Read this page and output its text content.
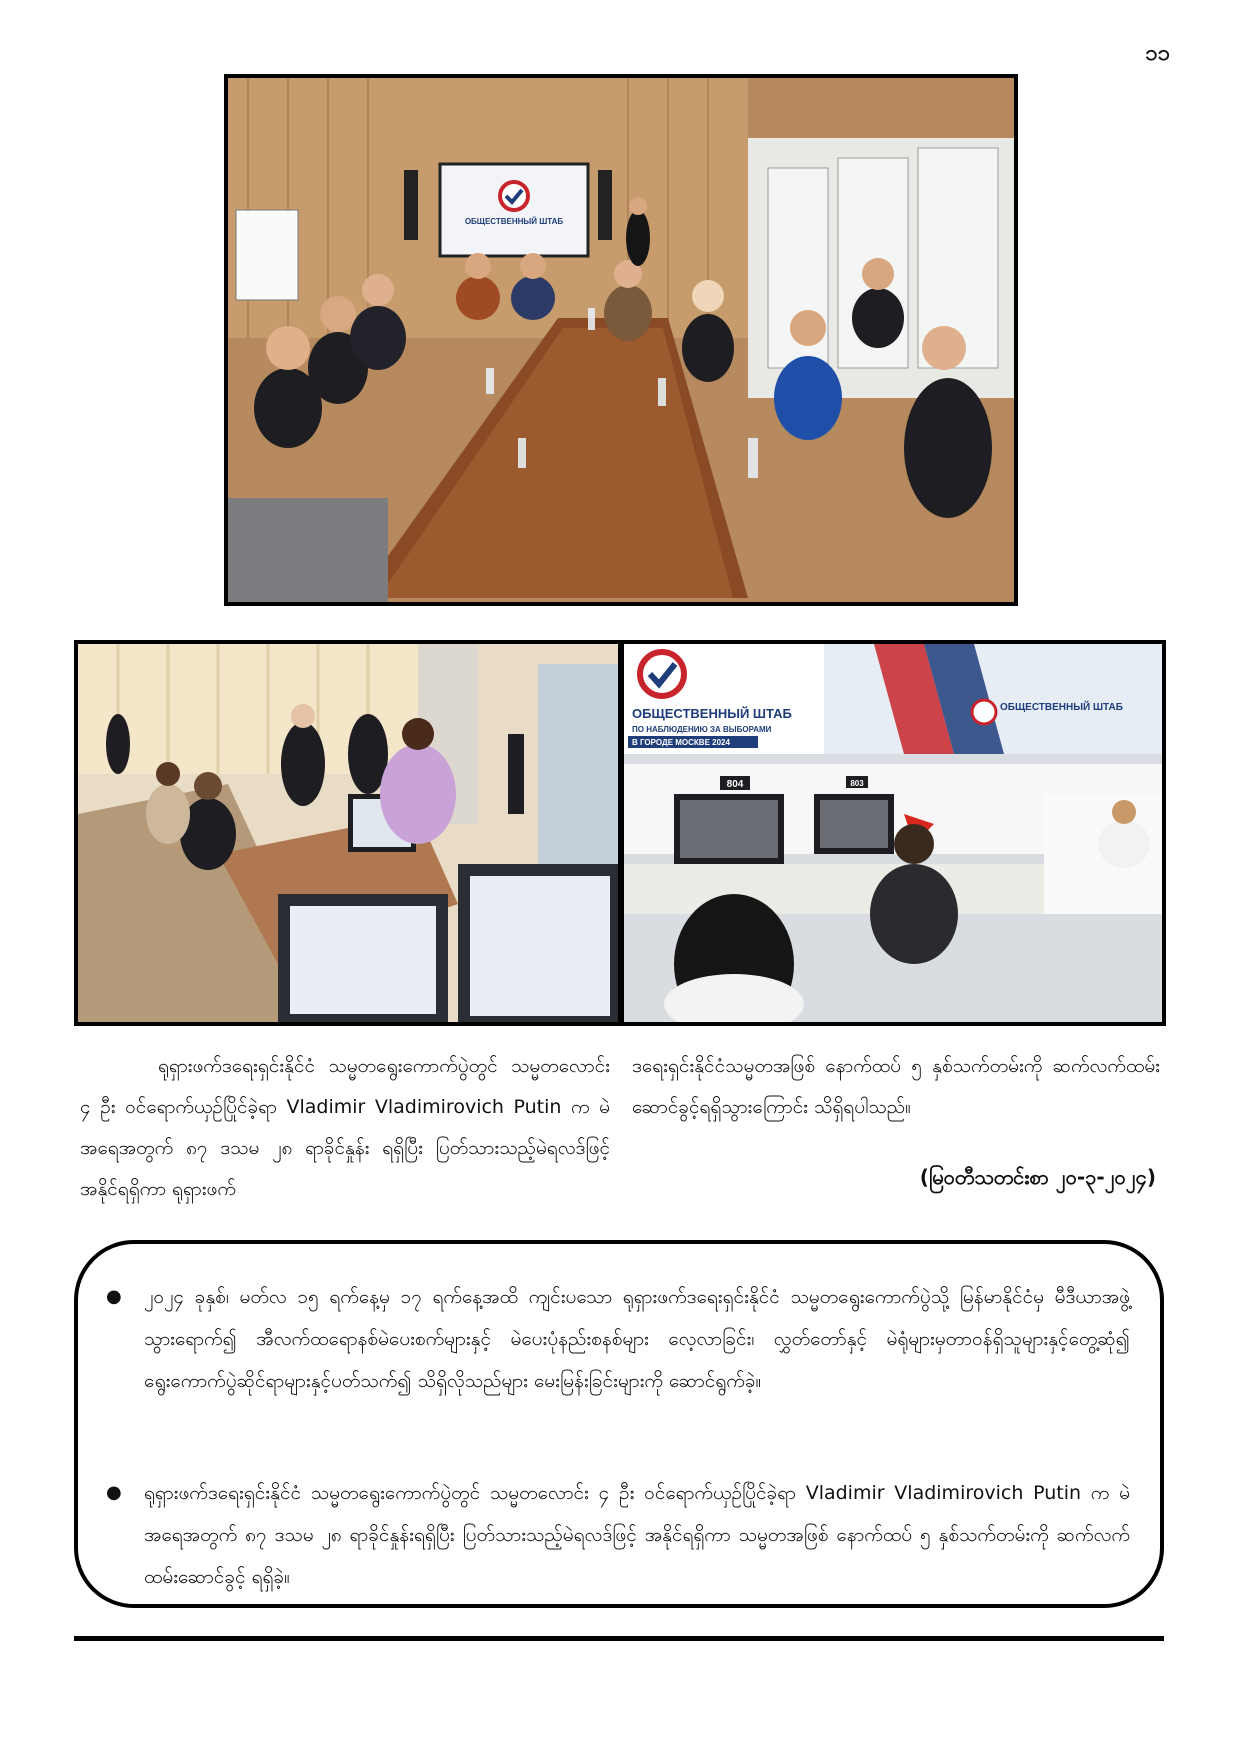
၁၁
ОБЩЕСТВЕННЫЙ ШТАБ
ОБЩЕСТВЕННЫЙ ШТАБ
ПО НАБЛЮДЕНИЮ ЗА ВЫБОРАМИ
В ГОРОДЕ МОСКВЕ 2024
ОБЩЕСТВЕННЫЙ ШТАБ
804	803
ရုရှားဖက်ဒရေးရှင်းနိုင်ငံ သမ္မတရွေးကောက်ပွဲတွင် သမ္မတလောင်း ၄ ဦး ဝင်ရောက်ယှဉ်ပြိုင်ခဲ့ရာ Vladimir Vladimirovich Putin က မဲအရေအတွက် ၈၇ ဒသမ ၂၈ ရာခိုင်နှုန်း ရရှိပြီး ပြတ်သားသည့်မဲရလဒ်ဖြင့် အနိုင်ရရှိကာ ရုရှားဖက်
ဒရေးရှင်းနိုင်ငံသမ္မတအဖြစ် နောက်ထပ် ၅ နှစ်သက်တမ်းကို ဆက်လက်ထမ်းဆောင်ခွင့်ရရှိသွားကြောင်း သိရှိရပါသည်။
(မြဝတီသတင်းစာ ၂၀-၃-၂၀၂၄)
● ၂၀၂၄ ခုနှစ်၊ မတ်လ ၁၅ ရက်နေ့မှ ၁၇ ရက်နေ့အထိ ကျင်းပသော ရုရှားဖက်ဒရေးရှင်းနိုင်ငံ သမ္မတရွေးကောက်ပွဲသို့ မြန်မာနိုင်ငံမှ မီဒီယာအဖွဲ့ သွားရောက်၍ အီလက်ထရောနစ်မဲပေးစက်များနှင့် မဲပေးပုံနည်းစနစ်များ လေ့လာခြင်း၊ လွှတ်တော်နှင့် မဲရုံများမှတာဝန်ရှိသူများနှင့်တွေ့ဆုံ၍ ရွေးကောက်ပွဲဆိုင်ရာများနှင့်ပတ်သက်၍ သိရှိလိုသည်များ မေးမြန်းခြင်းများကို ဆောင်ရွက်ခဲ့။
● ရုရှားဖက်ဒရေးရှင်းနိုင်ငံ သမ္မတရွေးကောက်ပွဲတွင် သမ္မတလောင်း ၄ ဦး ဝင်ရောက်ယှဉ်ပြိုင်ခဲ့ရာ Vladimir Vladimirovich Putin က မဲအရေအတွက် ၈၇ ဒသမ ၂၈ ရာခိုင်နှုန်းရရှိပြီး ပြတ်သားသည့်မဲရလဒ်ဖြင့် အနိုင်ရရှိကာ သမ္မတအဖြစ် နောက်ထပ် ၅ နှစ်သက်တမ်းကို ဆက်လက်ထမ်းဆောင်ခွင့် ရရှိခဲ့။
